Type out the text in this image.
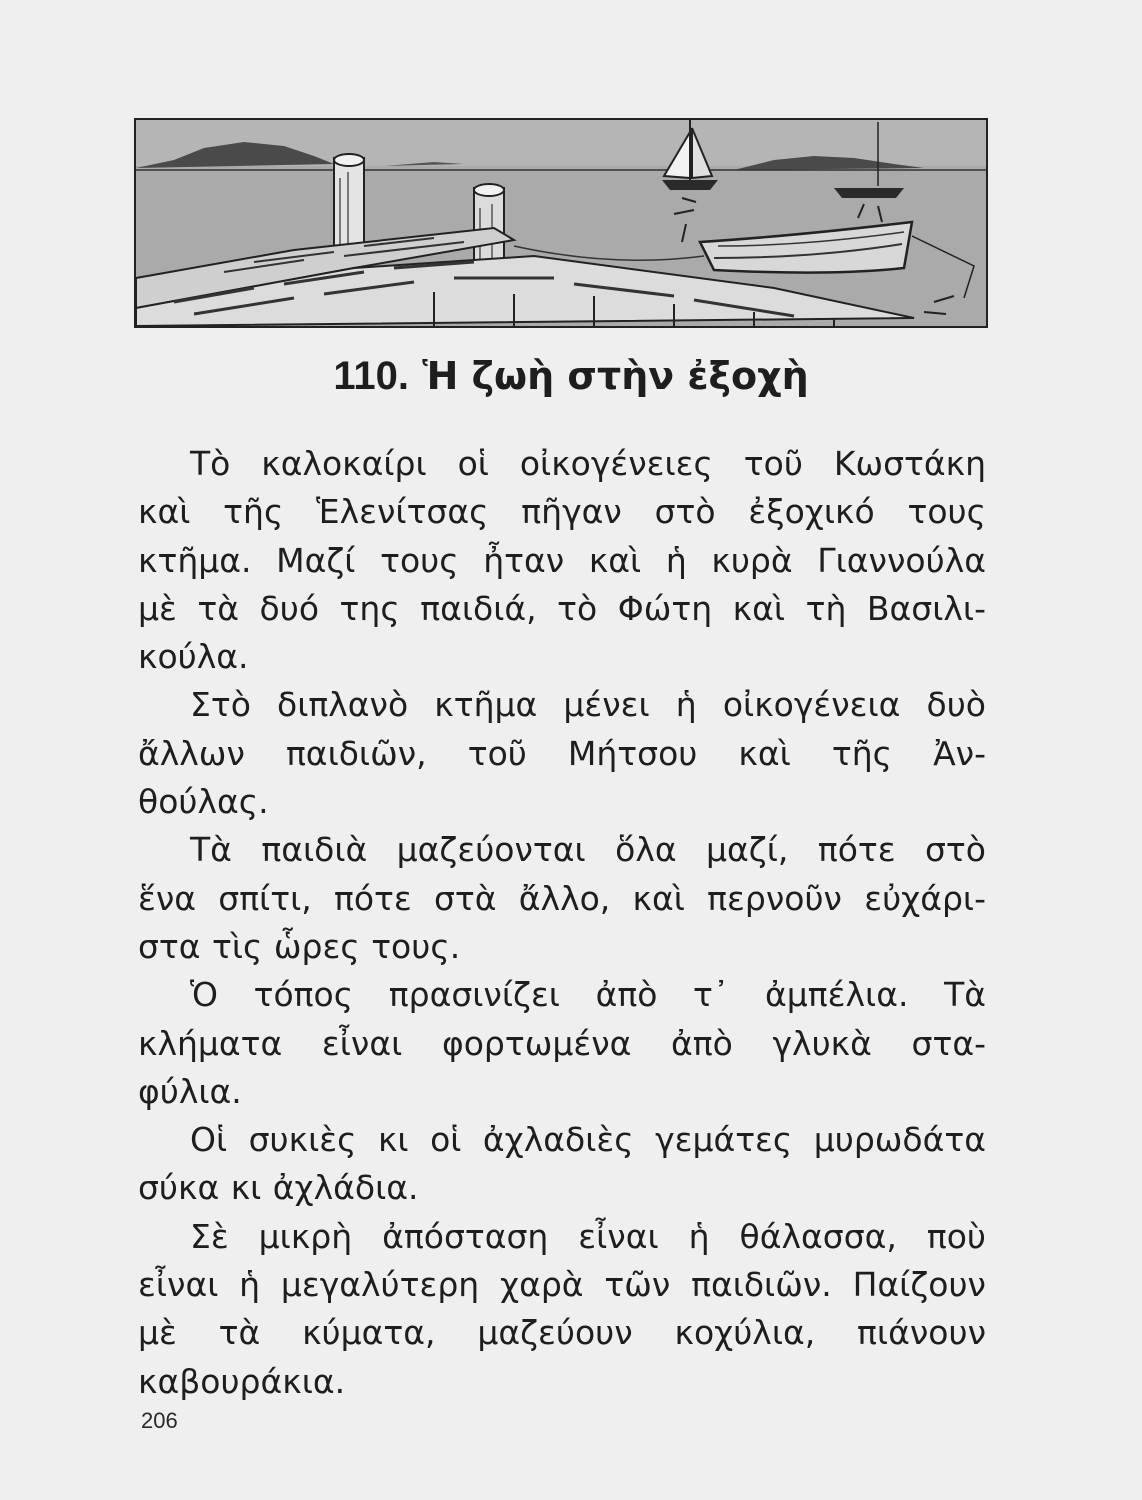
110. Ἡ ζωὴ στὴν ἐξοχὴ
Τὸ καλοκαίρι οἱ οἰκογένειες τοῦ Κωστάκη
καὶ τῆς Ἑλενίτσας πῆγαν στὸ ἐξοχικό τους
κτῆμα. Μαζί τους ἦταν καὶ ἡ κυρὰ Γιαννούλα
μὲ τὰ δυό της παιδιά, τὸ Φώτη καὶ τὴ Βασιλι-
κούλα.
Στὸ διπλανὸ κτῆμα μένει ἡ οἰκογένεια δυὸ
ἄλλων παιδιῶν, τοῦ Μήτσου καὶ τῆς Ἀν-
θούλας.
Τὰ παιδιὰ μαζεύονται ὅλα μαζί, πότε στὸ
ἕνα σπίτι, πότε στὰ ἄλλο, καὶ περνοῦν εὐχάρι-
στα τὶς ὧρες τους.
Ὁ τόπος πρασινίζει ἀπὸ τ᾿ ἀμπέλια. Τὰ
κλήματα εἶναι φορτωμένα ἀπὸ γλυκὰ στα-
φύλια.
Οἱ συκιὲς κι οἱ ἀχλαδιὲς γεμάτες μυρωδάτα
σύκα κι ἀχλάδια.
Σὲ μικρὴ ἀπόσταση εἶναι ἡ θάλασσα, ποὺ
εἶναι ἡ μεγαλύτερη χαρὰ τῶν παιδιῶν. Παίζουν
μὲ τὰ κύματα, μαζεύουν κοχύλια, πιάνουν
καβουράκια.
206
